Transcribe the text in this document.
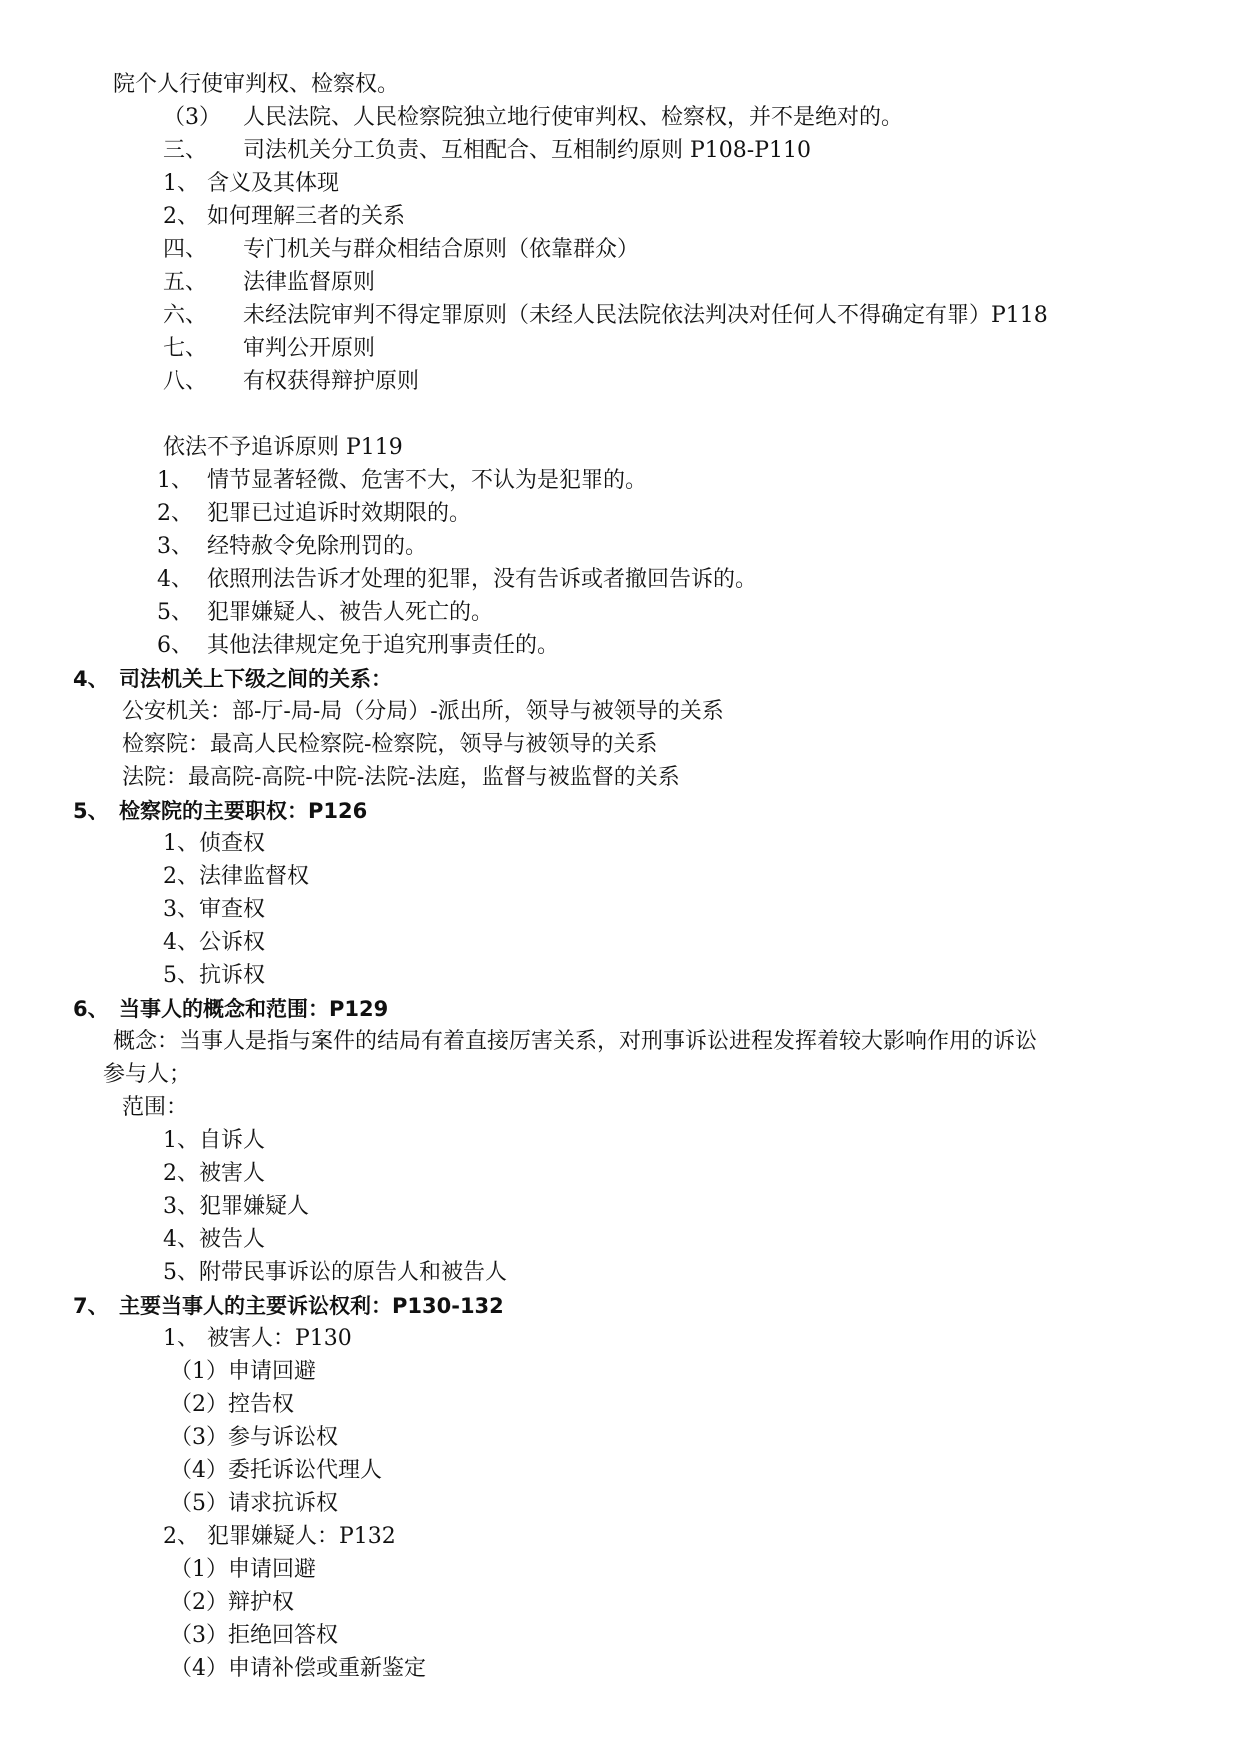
院个人行使审判权、检察权。
（3） 人民法院、人民检察院独立地行使审判权、检察权，并不是绝对的。
三、 司法机关分工负责、互相配合、互相制约原则 P108-P110
1、 含义及其体现
2、 如何理解三者的关系
四、 专门机关与群众相结合原则（依靠群众）
五、 法律监督原则
六、 未经法院审判不得定罪原则（未经人民法院依法判决对任何人不得确定有罪）P118
七、 审判公开原则
八、 有权获得辩护原则
依法不予追诉原则 P119
1、 情节显著轻微、危害不大，不认为是犯罪的。
2、 犯罪已过追诉时效期限的。
3、 经特赦令免除刑罚的。
4、 依照刑法告诉才处理的犯罪，没有告诉或者撤回告诉的。
5、 犯罪嫌疑人、被告人死亡的。
6、 其他法律规定免于追究刑事责任的。
4、 司法机关上下级之间的关系：
公安机关：部-厅-局-局（分局）-派出所，领导与被领导的关系
检察院：最高人民检察院-检察院，领导与被领导的关系
法院：最高院-高院-中院-法院-法庭，监督与被监督的关系
5、 检察院的主要职权：P126
1、侦查权
2、法律监督权
3、审查权
4、公诉权
5、抗诉权
6、 当事人的概念和范围：P129
概念：当事人是指与案件的结局有着直接厉害关系，对刑事诉讼进程发挥着较大影响作用的诉讼
参与人；
范围：
1、自诉人
2、被害人
3、犯罪嫌疑人
4、被告人
5、附带民事诉讼的原告人和被告人
7、 主要当事人的主要诉讼权利：P130-132
1、 被害人：P130
（1）申请回避
（2）控告权
（3）参与诉讼权
（4）委托诉讼代理人
（5）请求抗诉权
2、 犯罪嫌疑人：P132
（1）申请回避
（2）辩护权
（3）拒绝回答权
（4）申请补偿或重新鉴定
